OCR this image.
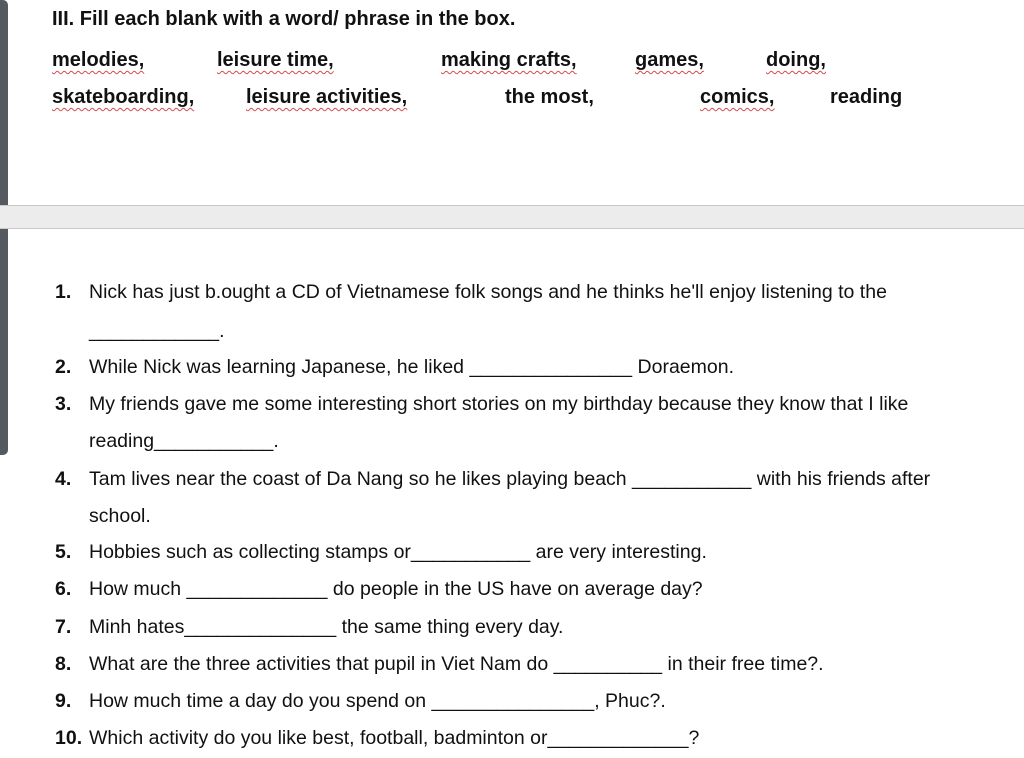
III. Fill each blank with a word/ phrase in the box.
melodies,	leisure time,	making crafts,	games,	doing,
skateboarding,	leisure activities,	the most,	comics,	reading
1. Nick has just b.ought a CD of Vietnamese folk songs and he thinks he'll enjoy listening to the
____________.
2. While Nick was learning Japanese, he liked _______________ Doraemon.
3. My friends gave me some interesting short stories on my birthday because they know that I like
reading___________.
4. Tam lives near the coast of Da Nang so he likes playing beach ___________ with his friends after
school.
5. Hobbies such as collecting stamps or___________ are very interesting.
6. How much _____________ do people in the US have on average day?
7. Minh hates______________ the same thing every day.
8. What are the three activities that pupil in Viet Nam do __________ in their free time?.
9. How much time a day do you spend on _______________, Phuc?.
10. Which activity do you like best, football, badminton or_____________?
